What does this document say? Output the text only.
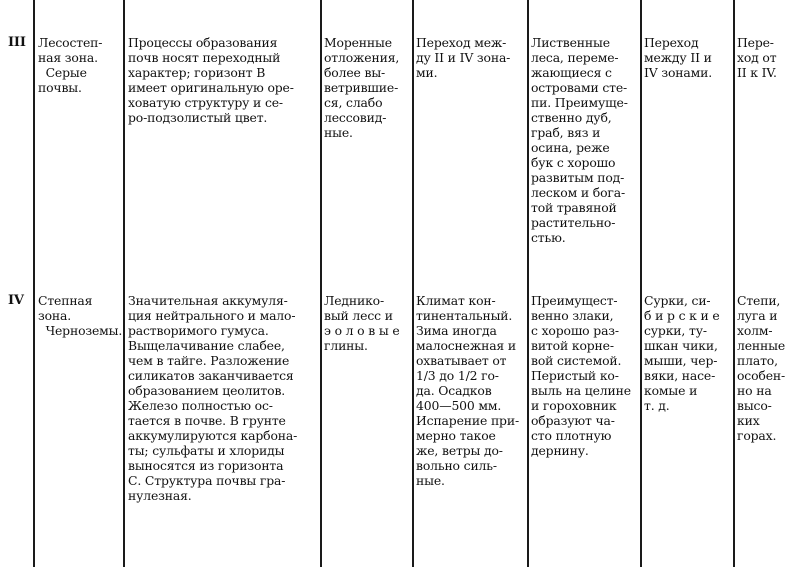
III Лесостеп-
ная зона.
Серые
почвы.
Процессы образования
почв носят переходный
характер; горизонт В
имеет оригинальную оре-
ховатую структуру и се-
ро-подзолистый цвет.
Моренные
отложения,
более вы-
ветрившие-
ся, слабо
лессовид-
ные.
Переход меж-
ду II и IV зона-
ми.
Лиственные
леса, переме-
жающиеся с
островами сте-
пи. Преимуще-
ственно дуб,
граб, вяз и
осина, реже
бук с хорошо
развитым под-
леском и бога-
той травяной
растительно-
стью.
Переход
между II и
IV зонами.
Пере-
ход от
II к IV.
IV Степная
зона.
Черноземы.
Значительная аккумуля-
ция нейтрального и мало-
растворимого гумуса.
Выщелачивание слабее,
чем в тайге. Разложение
силикатов заканчивается
образованием цеолитов.
Железо полностью ос-
тается в почве. В грунте
аккумулируются карбона-
ты; сульфаты и хлориды
выносятся из горизонта
С. Структура почвы гра-
нулезная.
Леднико-
вый лесс и
э о л о в ы е
глины.
Климат кон-
тинентальный.
Зима иногда
малоснежная и
охватывает от
1/3 до 1/2 го-
да. Осадков
400—500 мм.
Испарение при-
мерно такое
же, ветры до-
вольно силь-
ные.
Преимущест-
венно злаки,
с хорошо раз-
витой корне-
вой системой.
Перистый ко-
выль на целине
и гороховник
образуют ча-
сто плотную
дернину.
Сурки, си-
б и р с к и е
сурки, ту-
шкан чики,
мыши, чер-
вяки, насе-
комые и
т. д.
Степи,
луга и
холм-
ленные
плато,
особен-
но на
высо-
ких
горах.
